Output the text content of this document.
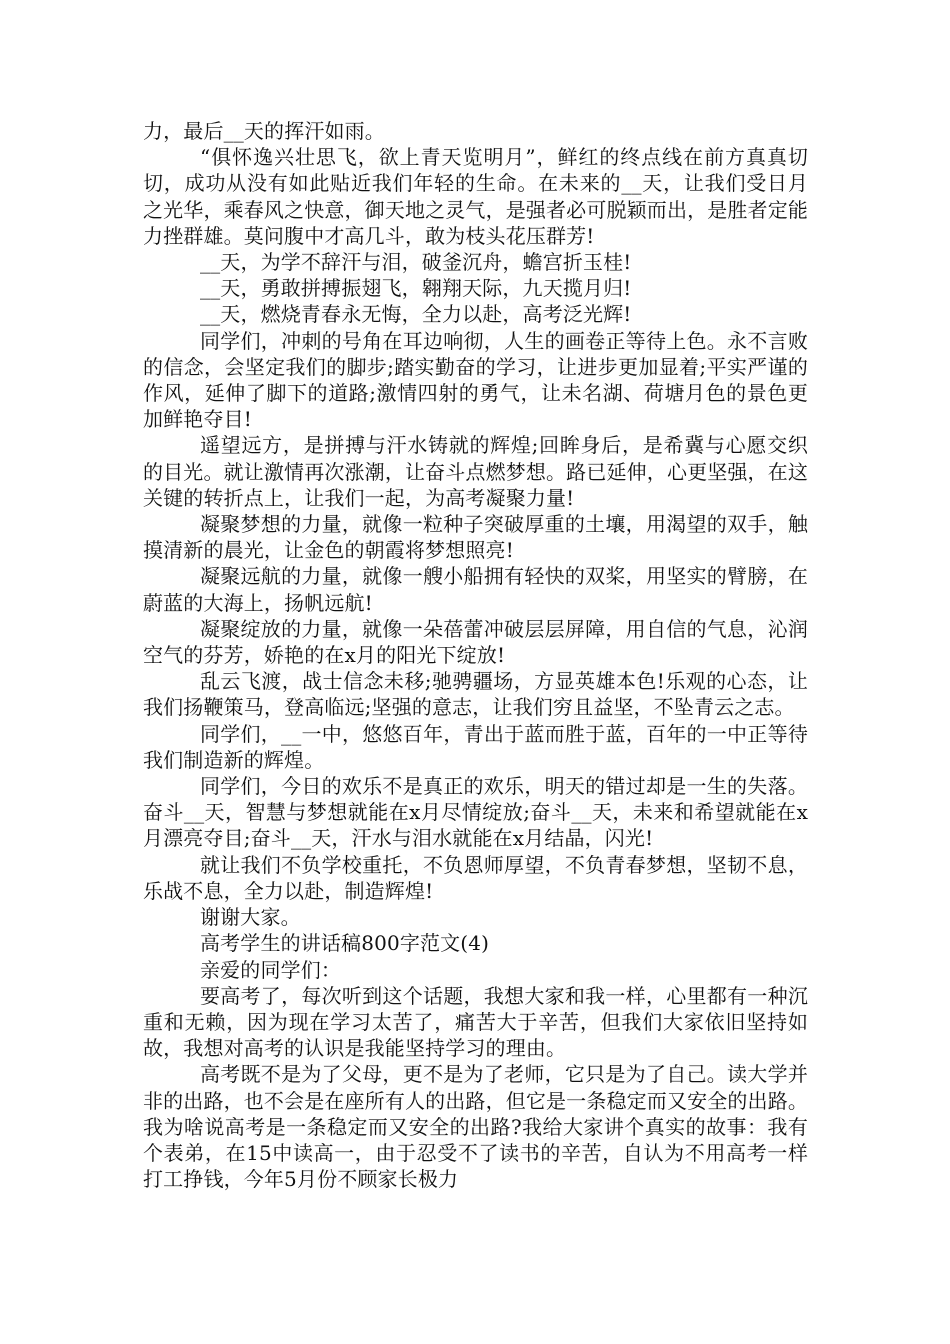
力，最后__天的挥汗如雨。

“俱怀逸兴壮思飞，欲上青天览明月”，鲜红的终点线在前方真真切切，成功从没有如此贴近我们年轻的生命。在未来的__天，让我们受日月之光华，乘春风之快意，御天地之灵气，是强者必可脱颖而出，是胜者定能力挫群雄。莫问腹中才高几斗，敢为枝头花压群芳!

__天，为学不辞汗与泪，破釜沉舟，蟾宫折玉桂!

__天，勇敢拼搏振翅飞，翱翔天际，九天揽月归!

__天，燃烧青春永无悔，全力以赴，高考泛光辉!

同学们，冲刺的号角在耳边响彻，人生的画卷正等待上色。永不言败的信念，会坚定我们的脚步;踏实勤奋的学习，让进步更加显着;平实严谨的作风，延伸了脚下的道路;激情四射的勇气，让未名湖、荷塘月色的景色更加鲜艳夺目!

遥望远方，是拼搏与汗水铸就的辉煌;回眸身后，是希冀与心愿交织的目光。就让激情再次涨潮，让奋斗点燃梦想。路已延伸，心更坚强，在这关键的转折点上，让我们一起，为高考凝聚力量!

凝聚梦想的力量，就像一粒种子突破厚重的土壤，用渴望的双手，触摸清新的晨光，让金色的朝霞将梦想照亮!

凝聚远航的力量，就像一艘小船拥有轻快的双桨，用坚实的臂膀，在蔚蓝的大海上，扬帆远航!

凝聚绽放的力量，就像一朵蓓蕾冲破层层屏障，用自信的气息，沁润空气的芬芳，娇艳的在x月的阳光下绽放!

乱云飞渡，战士信念未移;驰骋疆场，方显英雄本色!乐观的心态，让我们扬鞭策马，登高临远;坚强的意志，让我们穷且益坚，不坠青云之志。

同学们，__一中，悠悠百年，青出于蓝而胜于蓝，百年的一中正等待我们制造新的辉煌。

同学们，今日的欢乐不是真正的欢乐，明天的错过却是一生的失落。奋斗__天，智慧与梦想就能在x月尽情绽放;奋斗__天，未来和希望就能在x月漂亮夺目;奋斗__天，汗水与泪水就能在x月结晶，闪光!

就让我们不负学校重托，不负恩师厚望，不负青春梦想，坚韧不息，乐战不息，全力以赴，制造辉煌!

谢谢大家。

高考学生的讲话稿800字范文(4)

亲爱的同学们：

要高考了，每次听到这个话题，我想大家和我一样，心里都有一种沉重和无赖，因为现在学习太苦了，痛苦大于辛苦，但我们大家依旧坚持如故，我想对高考的认识是我能坚持学习的理由。

高考既不是为了父母，更不是为了老师，它只是为了自己。读大学并非的出路，也不会是在座所有人的出路，但它是一条稳定而又安全的出路。我为啥说高考是一条稳定而又安全的出路?我给大家讲个真实的故事：我有个表弟，在15中读高一，由于忍受不了读书的辛苦，自认为不用高考一样打工挣钱，今年5月份不顾家长极力
